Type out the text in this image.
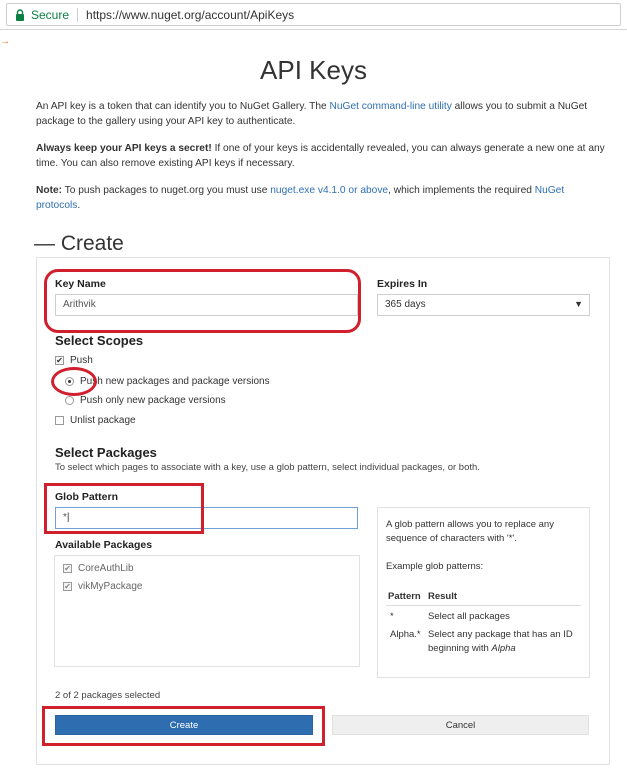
Secure https://www.nuget.org/account/ApiKeys
→
API Keys
An API key is a token that can identify you to NuGet Gallery. The NuGet command-line utility allows you to submit a NuGet package to the gallery using your API key to authenticate.
Always keep your API keys a secret! If one of your keys is accidentally revealed, you can always generate a new one at any time. You can also remove existing API keys if necessary.
Note: To push packages to nuget.org you must use nuget.exe v4.1.0 or above, which implements the required NuGet protocols.
— Create
Key Name
Arithvik
Expires In
365 days	▼
Select Scopes
✔ Push
Push new packages and package versions
Push only new package versions
Unlist package
Select Packages
To select which pages to associate with a key, use a glob pattern, select individual packages, or both.
Glob Pattern
*|
Available Packages
✔ CoreAuthLib
✔ vikMyPackage
A glob pattern allows you to replace any
sequence of characters with '*'.
Example glob patterns:
Pattern Result
*	Select all packages
Alpha.* Select any package that has an ID
beginning with Alpha
2 of 2 packages selected
Create	Cancel
